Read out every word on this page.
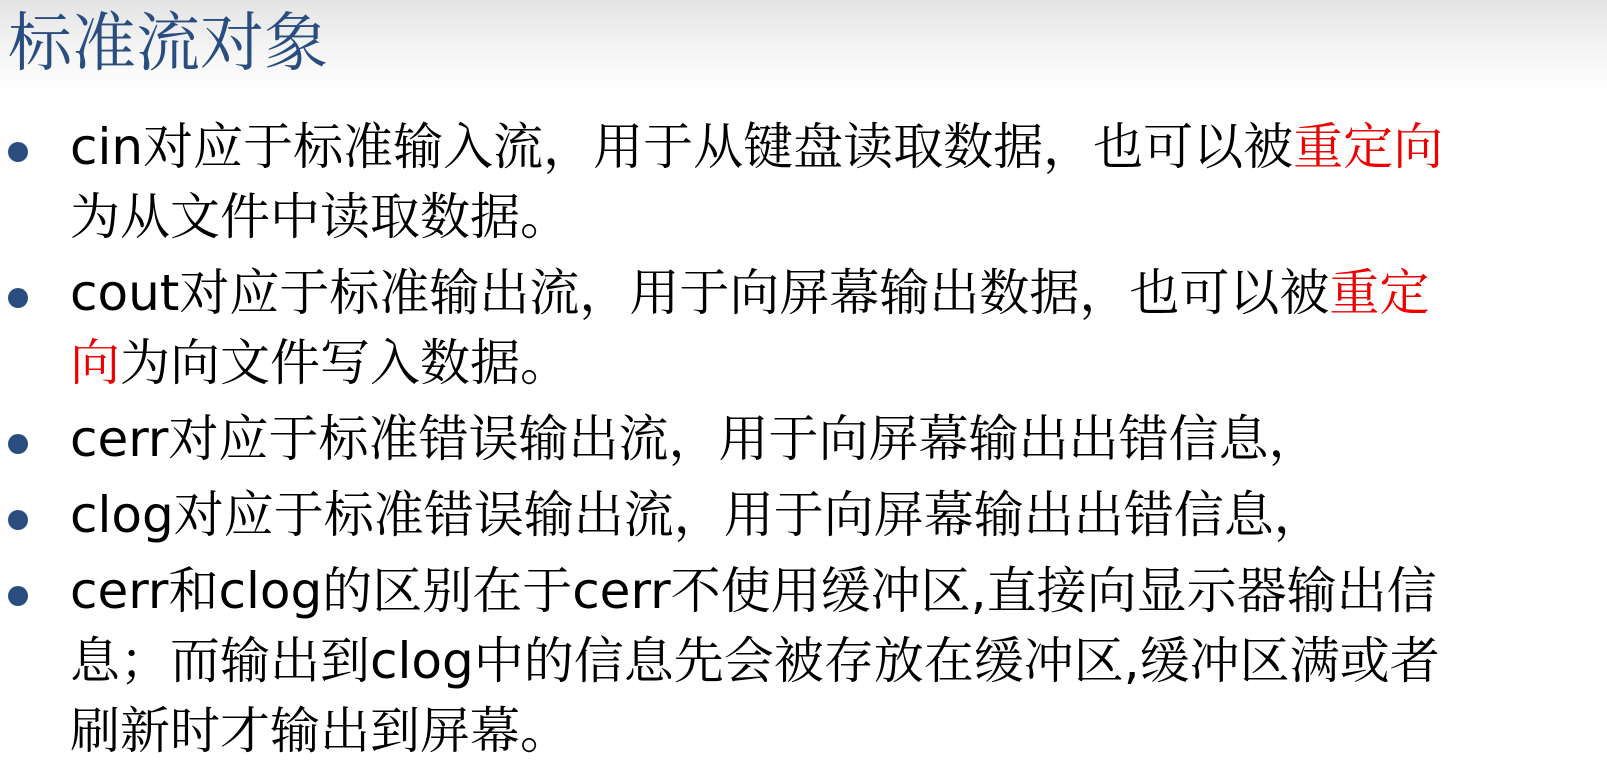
标准流对象
cin对应于标准输入流，用于从键盘读取数据，也可以被重定向
为从文件中读取数据。
cout对应于标准输出流，用于向屏幕输出数据，也可以被重定
向为向文件写入数据。
cerr对应于标准错误输出流，用于向屏幕输出出错信息，
clog对应于标准错误输出流，用于向屏幕输出出错信息，
cerr和clog的区别在于cerr不使用缓冲区,直接向显示器输出信
息；而输出到clog中的信息先会被存放在缓冲区,缓冲区满或者
刷新时才输出到屏幕。
